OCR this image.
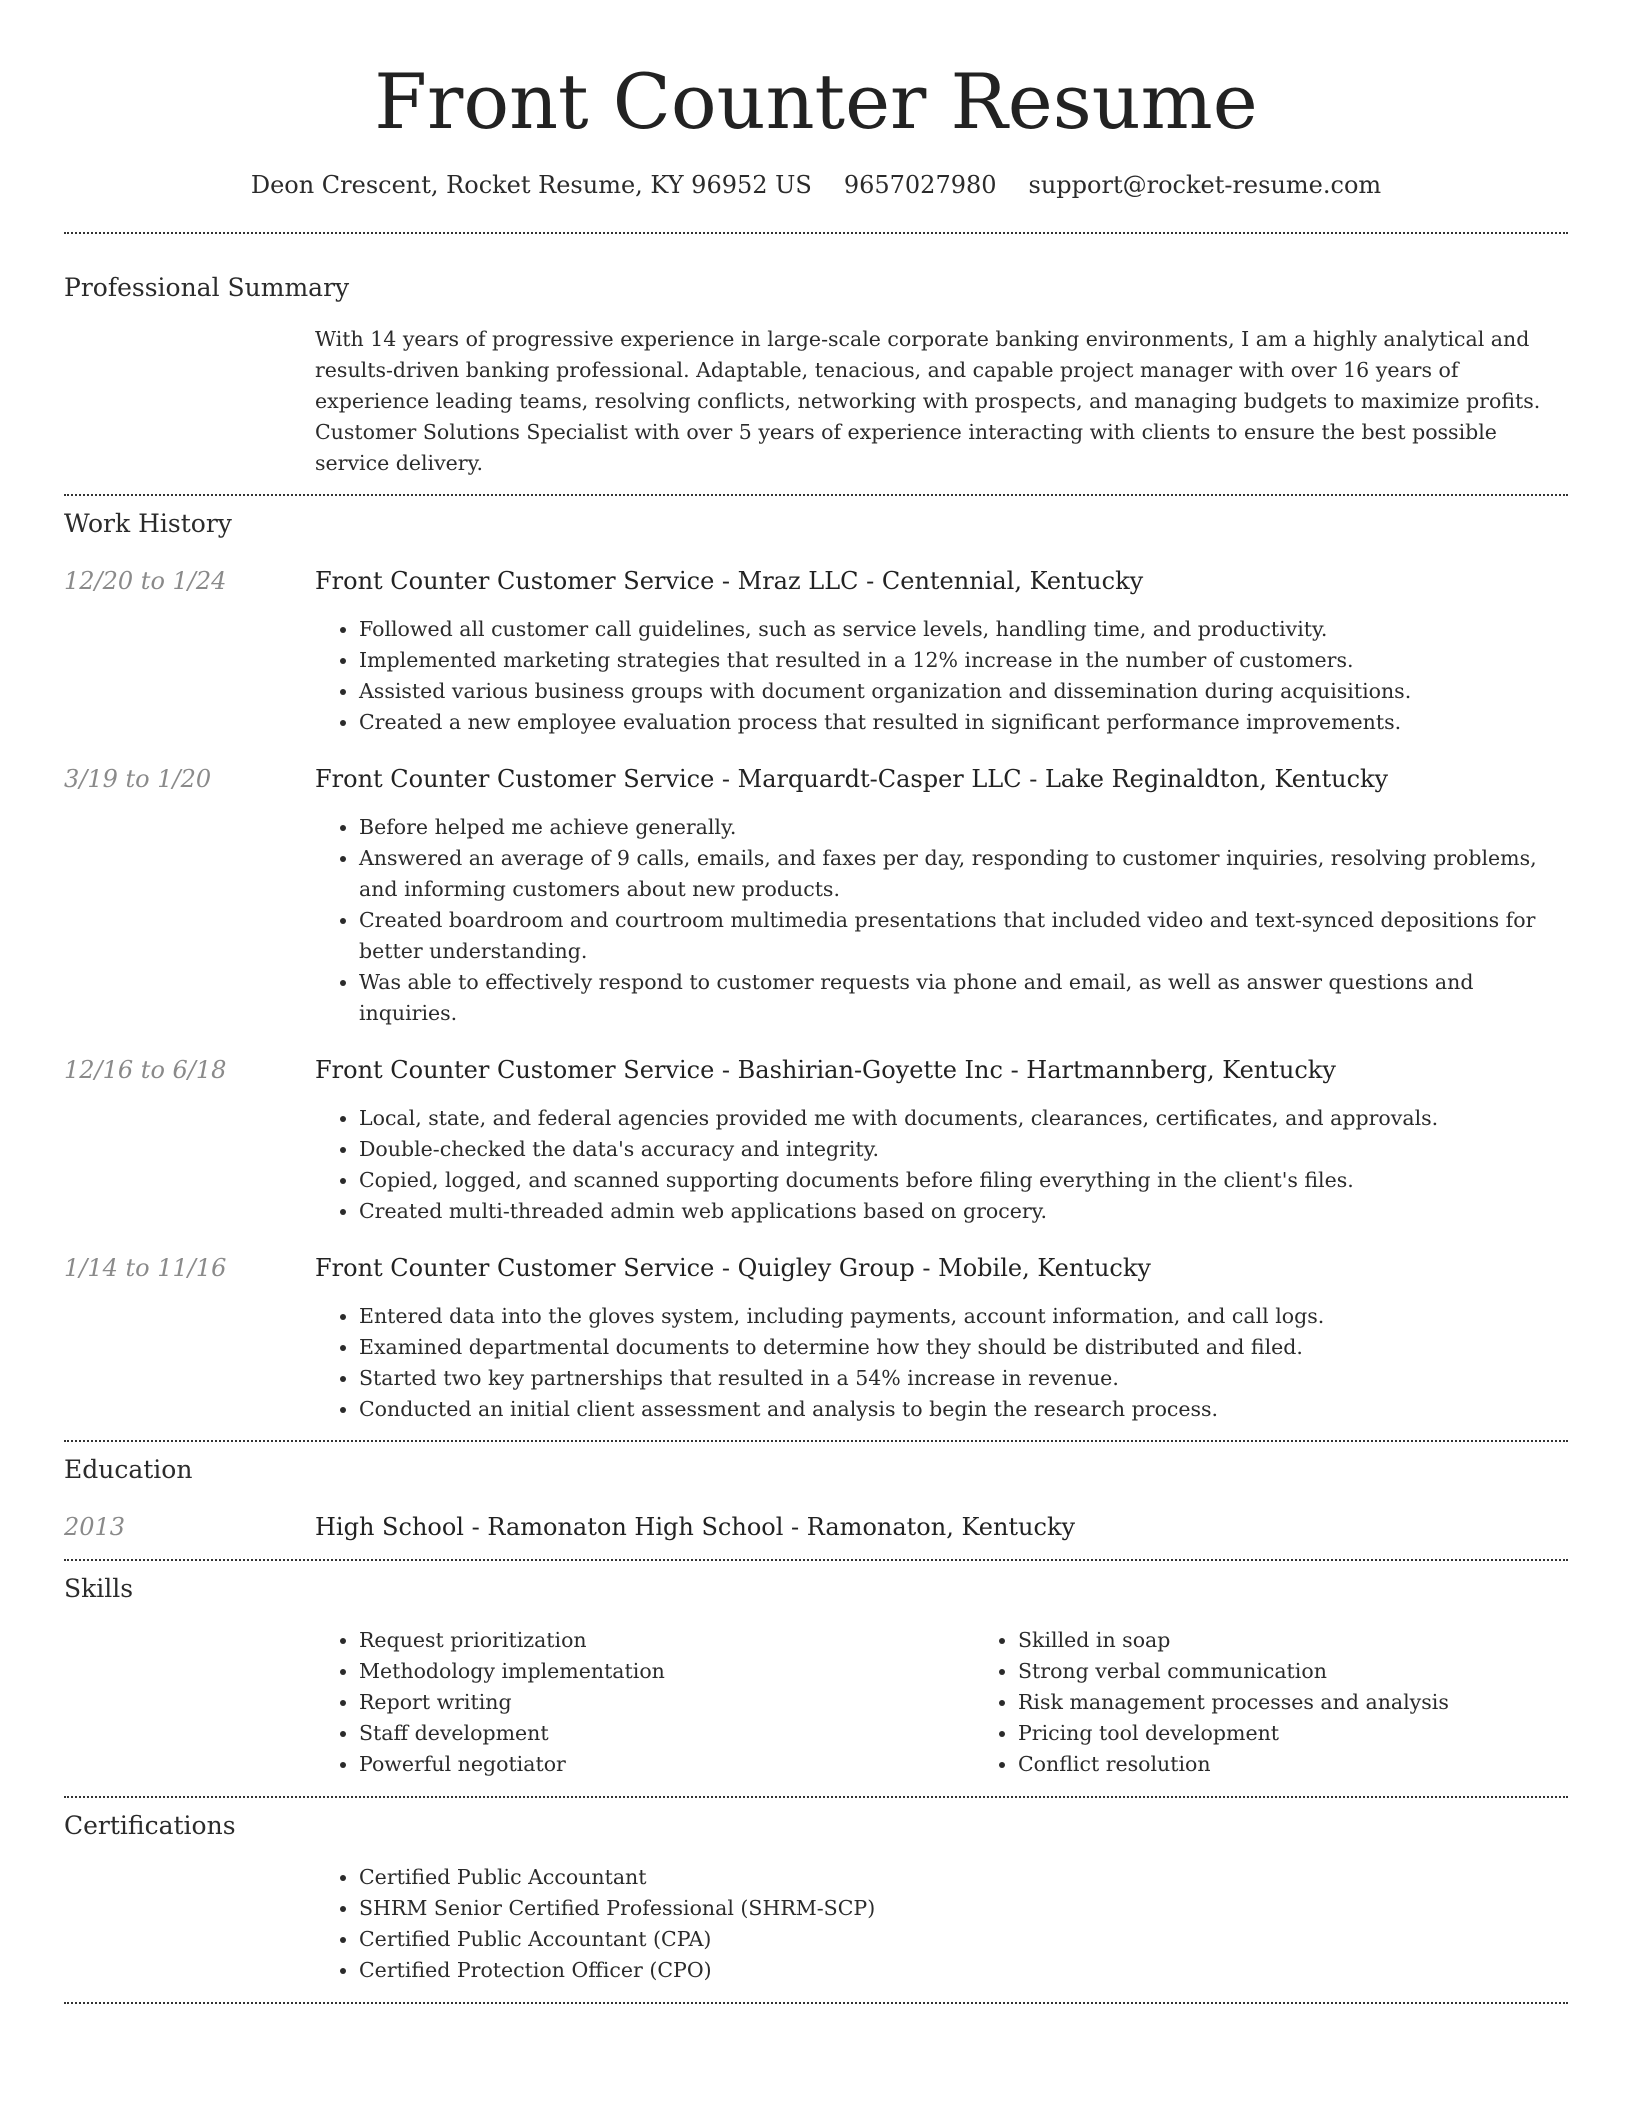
Front Counter Resume
Deon Crescent, Rocket Resume, KY 96952 US 9657027980 support@rocket-resume.com
Professional Summary
With 14 years of progressive experience in large-scale corporate banking environments, I am a highly analytical and results-driven banking professional. Adaptable, tenacious, and capable project manager with over 16 years of experience leading teams, resolving conflicts, networking with prospects, and managing budgets to maximize profits. Customer Solutions Specialist with over 5 years of experience interacting with clients to ensure the best possible service delivery.
Work History
12/20 to 1/24	Front Counter Customer Service - Mraz LLC - Centennial, Kentucky
• Followed all customer call guidelines, such as service levels, handling time, and productivity.
• Implemented marketing strategies that resulted in a 12% increase in the number of customers.
• Assisted various business groups with document organization and dissemination during acquisitions.
• Created a new employee evaluation process that resulted in significant performance improvements.
3/19 to 1/20	Front Counter Customer Service - Marquardt-Casper LLC - Lake Reginaldton, Kentucky
• Before helped me achieve generally.
• Answered an average of 9 calls, emails, and faxes per day, responding to customer inquiries, resolving problems, and informing customers about new products.
• Created boardroom and courtroom multimedia presentations that included video and text-synced depositions for better understanding.
• Was able to effectively respond to customer requests via phone and email, as well as answer questions and inquiries.
12/16 to 6/18	Front Counter Customer Service - Bashirian-Goyette Inc - Hartmannberg, Kentucky
• Local, state, and federal agencies provided me with documents, clearances, certificates, and approvals.
• Double-checked the data's accuracy and integrity.
• Copied, logged, and scanned supporting documents before filing everything in the client's files.
• Created multi-threaded admin web applications based on grocery.
1/14 to 11/16	Front Counter Customer Service - Quigley Group - Mobile, Kentucky
• Entered data into the gloves system, including payments, account information, and call logs.
• Examined departmental documents to determine how they should be distributed and filed.
• Started two key partnerships that resulted in a 54% increase in revenue.
• Conducted an initial client assessment and analysis to begin the research process.
Education
2013	High School - Ramonaton High School - Ramonaton, Kentucky
Skills
• Request prioritization
• Methodology implementation
• Report writing
• Staff development
• Powerful negotiator
• Skilled in soap
• Strong verbal communication
• Risk management processes and analysis
• Pricing tool development
• Conflict resolution
Certifications
• Certified Public Accountant
• SHRM Senior Certified Professional (SHRM-SCP)
• Certified Public Accountant (CPA)
• Certified Protection Officer (CPO)
